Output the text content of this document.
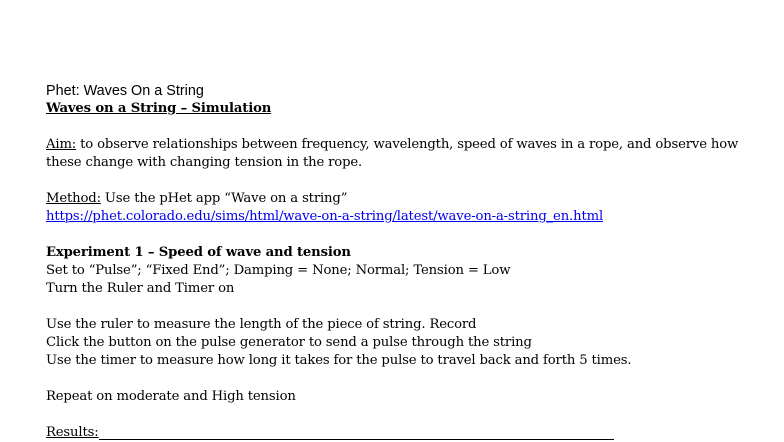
Phet: Waves On a String
Waves on a String – Simulation
Aim: to observe relationships between frequency, wavelength, speed of waves in a rope, and observe how
these change with changing tension in the rope.
Method: Use the pHet app “Wave on a string”
https://phet.colorado.edu/sims/html/wave-on-a-string/latest/wave-on-a-string_en.html
Experiment 1 – Speed of wave and tension
Set to “Pulse”; “Fixed End”; Damping = None; Normal; Tension = Low
Turn the Ruler and Timer on
Use the ruler to measure the length of the piece of string. Record
Click the button on the pulse generator to send a pulse through the string
Use the timer to measure how long it takes for the pulse to travel back and forth 5 times.
Repeat on moderate and High tension
Results:
